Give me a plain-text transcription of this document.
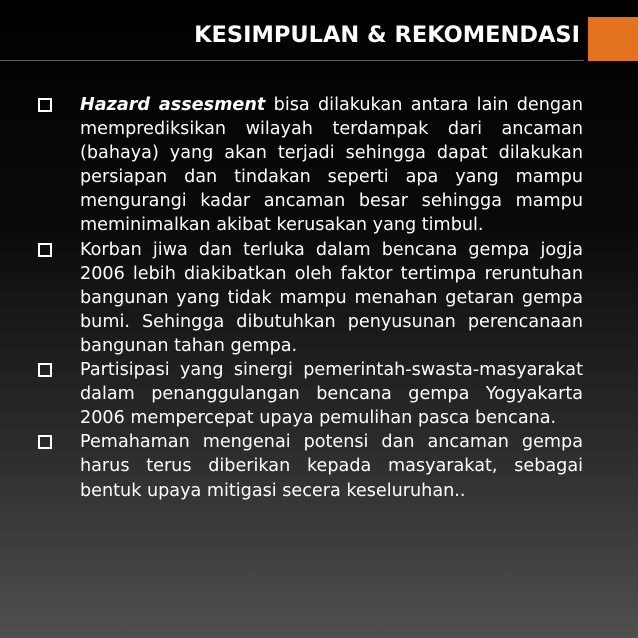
KESIMPULAN & REKOMENDASI
Hazard assesment bisa dilakukan antara lain dengan memprediksikan wilayah terdampak dari ancaman (bahaya) yang akan terjadi sehingga dapat dilakukan persiapan dan tindakan seperti apa yang mampu mengurangi kadar ancaman besar sehingga mampu meminimalkan akibat kerusakan yang timbul.
Korban jiwa dan terluka dalam bencana gempa jogja 2006 lebih diakibatkan oleh faktor tertimpa reruntuhan bangunan yang tidak mampu menahan getaran gempa bumi. Sehingga dibutuhkan penyusunan perencanaan bangunan tahan gempa.
Partisipasi yang sinergi pemerintah-swasta-masyarakat dalam penanggulangan bencana gempa Yogyakarta 2006 mempercepat upaya pemulihan pasca bencana.
Pemahaman mengenai potensi dan ancaman gempa harus terus diberikan kepada masyarakat, sebagai bentuk upaya mitigasi secera keseluruhan..
